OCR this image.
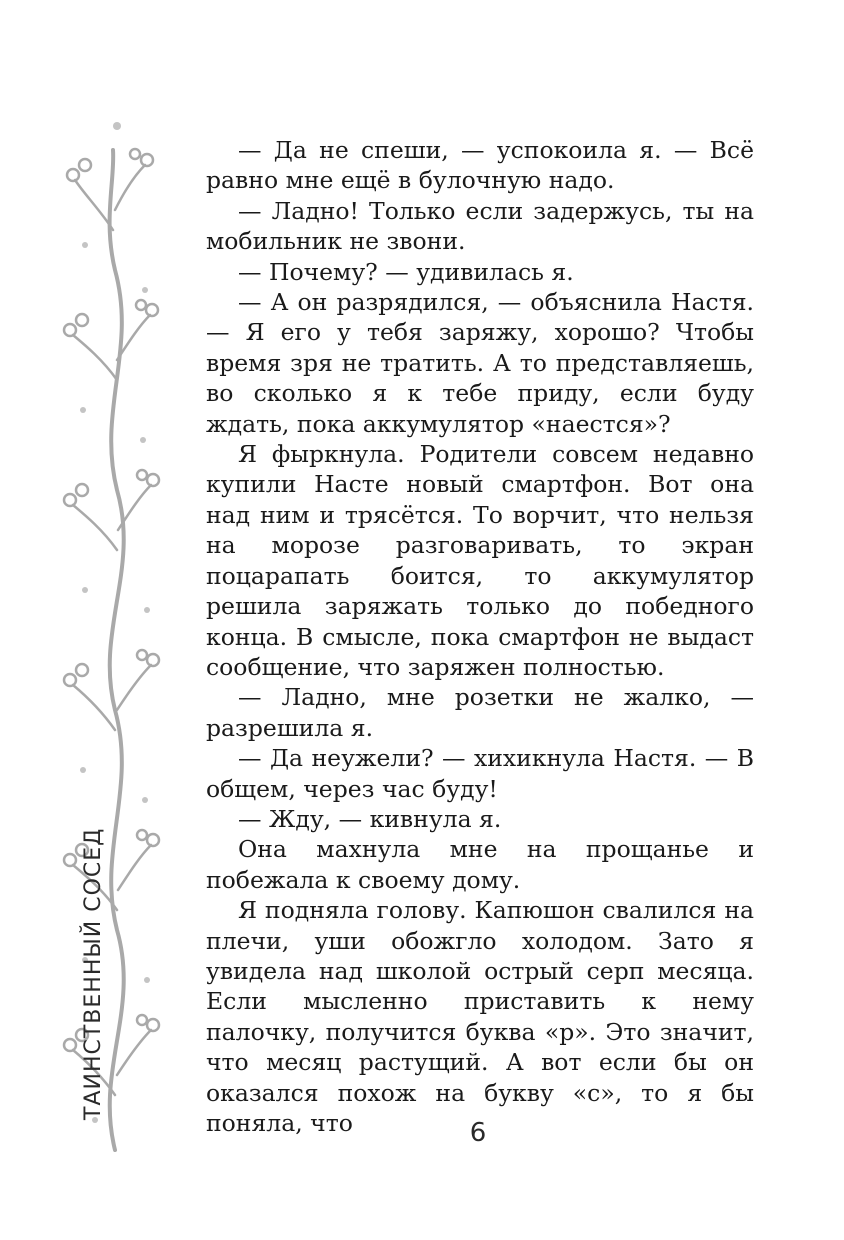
ТАИНСТВЕННЫЙ СОСЕД

— Да не спеши, — успокоила я. — Всё равно мне ещё в булочную надо.

— Ладно! Только если задержусь, ты на мобильник не звони.

— Почему? — удивилась я.

— А он разрядился, — объяснила Настя. — Я его у тебя заряжу, хорошо? Чтобы время зря не тратить. А то представляешь, во сколько я к тебе приду, если буду ждать, пока аккумулятор «наестся»?

Я фыркнула. Родители совсем недавно купили Насте новый смартфон. Вот она над ним и трясётся. То ворчит, что нельзя на морозе разговаривать, то экран поцарапать боится, то аккумулятор решила заряжать только до победного конца. В смысле, пока смартфон не выдаст сообщение, что заряжен полностью.

— Ладно, мне розетки не жалко, — разрешила я.

— Да неужели? — хихикнула Настя. — В общем, через час буду!

— Жду, — кивнула я.

Она махнула мне на прощанье и побежала к своему дому.

Я подняла голову. Капюшон свалился на плечи, уши обожгло холодом. Зато я увидела над школой острый серп месяца. Если мысленно приставить к нему палочку, получится буква «р». Это значит, что месяц растущий. А вот если бы он оказался похож на букву «с», то я бы поняла, что	6
